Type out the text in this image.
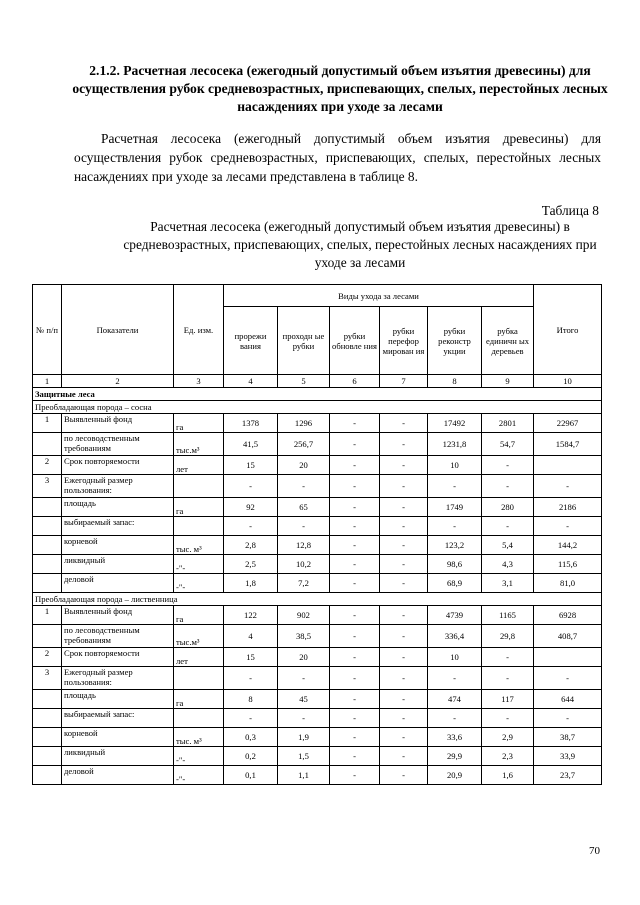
2.1.2. Расчетная лесосека (ежегодный допустимый объем изъятия древесины) для осуществления рубок средневозрастных, приспевающих, спелых, перестойных лесных насаждениях при уходе за лесами
Расчетная лесосека (ежегодный допустимый объем изъятия древесины) для осуществления рубок средневозрастных, приспевающих, спелых, перестойных лесных насаждениях при уходе за лесами представлена в таблице 8.
Таблица 8
Расчетная лесосека (ежегодный допустимый объем изъятия древесины) в средневозрастных, приспевающих, спелых, перестойных лесных насаждениях при уходе за лесами
№ п/п	Показатели	Ед. изм.	Виды ухода за лесами						Итого
			прорежи вания	проходн ые рубки	рубки обновле ния	рубки перефор мирован ия	рубки реконстр укции	рубка единичн ых деревьев	
1	2	3	4	5	6	7	8	9	10
Защитные леса									
Преобладающая порода – сосна									
1	Выявленный фонд	га	1378	1296	-	-	17492	2801	22967
	по лесоводственным требованиям	тыс.м³	41,5	256,7	-	-	1231,8	54,7	1584,7
2	Срок повторяемости	лет	15	20	-	-	10	-	
3	Ежегодный размер пользования:		-	-	-	-	-	-	-
	площадь	га	92	65	-	-	1749	280	2186
	выбираемый запас:		-	-	-	-	-	-	-
	корневой	тыс. м³	2,8	12,8	-	-	123,2	5,4	144,2
	ликвидный	-"-	2,5	10,2	-	-	98,6	4,3	115,6
	деловой	-"-	1,8	7,2	-	-	68,9	3,1	81,0
Преобладающая порода – лиственница									
1	Выявленный фонд	га	122	902	-	-	4739	1165	6928
	по лесоводственным требованиям	тыс.м³	4	38,5	-	-	336,4	29,8	408,7
2	Срок повторяемости	лет	15	20	-	-	10	-	
3	Ежегодный размер пользования:		-	-	-	-	-	-	-
	площадь	га	8	45	-	-	474	117	644
	выбираемый запас:		-	-	-	-	-	-	-
	корневой	тыс. м³	0,3	1,9	-	-	33,6	2,9	38,7
	ликвидный	-"-	0,2	1,5	-	-	29,9	2,3	33,9
	деловой	-"-	0,1	1,1	-	-	20,9	1,6	23,7
70
